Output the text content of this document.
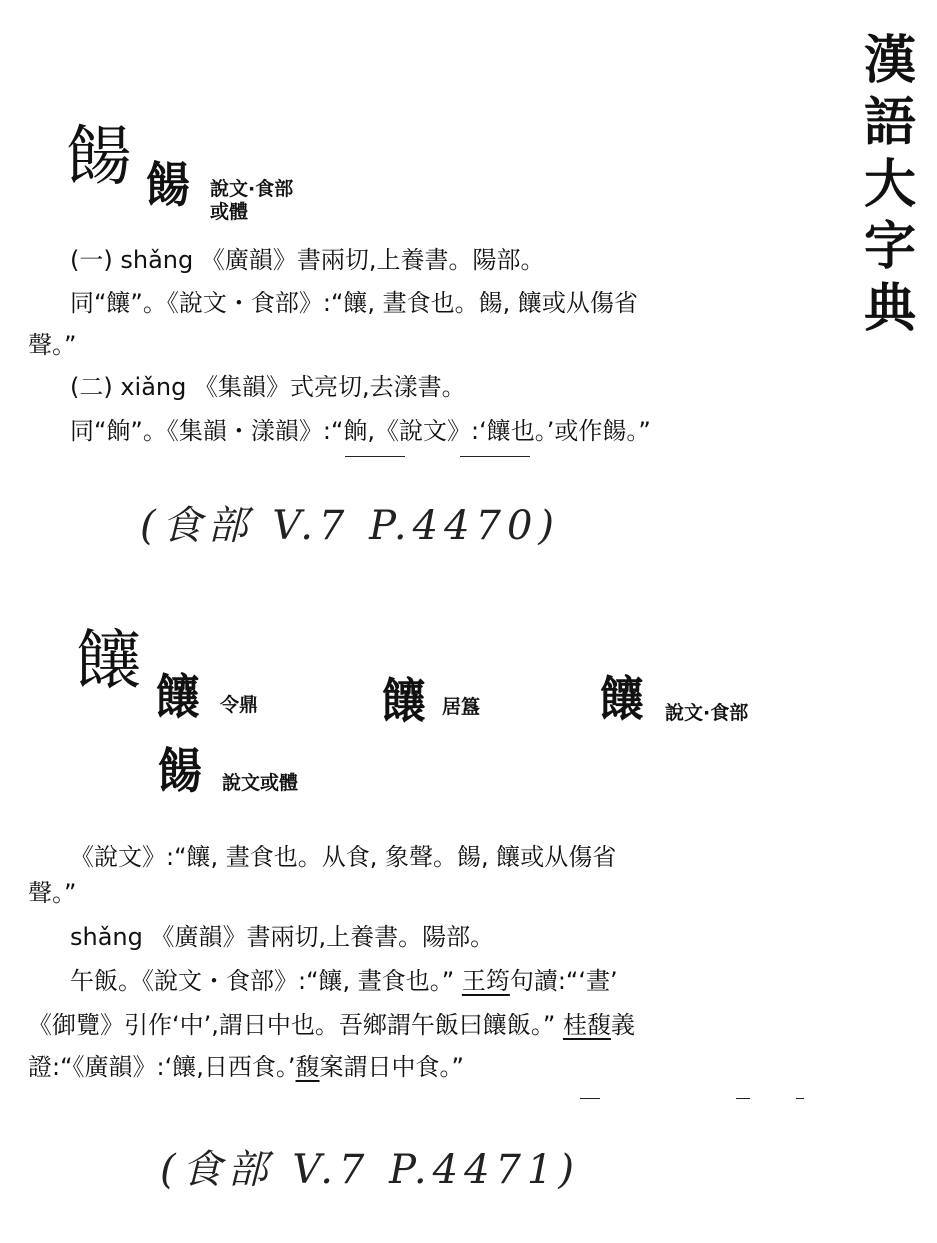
漢
語
大
字
典
餳 餳 說文·食部
或體
(一) shǎng 《廣韻》書兩切,上養書。陽部。
同“饟”。《說文・食部》:“饟, 晝食也。餳, 饟或从傷省
聲。”
(二) xiǎng 《集韻》式亮切,去漾書。
同“餉”。《集韻・漾韻》:“餉,《說文》:‘饟也。’或作餳。”
(食部 V.7 P.4470)
饟 饟 令鼎	饟 居簋	饟 說文·食部
餳 說文或體
《說文》:“饟, 晝食也。从食, 象聲。餳, 饟或从傷省
聲。”
shǎng 《廣韻》書兩切,上養書。陽部。
午飯。《說文・食部》:“饟, 晝食也。” 王筠句讀:“‘晝’
《御覽》引作‘中’,謂日中也。吾鄉謂午飯曰饟飯。” 桂馥義
證:“《廣韻》:‘饟,日西食。’馥案謂日中食。”
(食部 V.7 P.4471)
